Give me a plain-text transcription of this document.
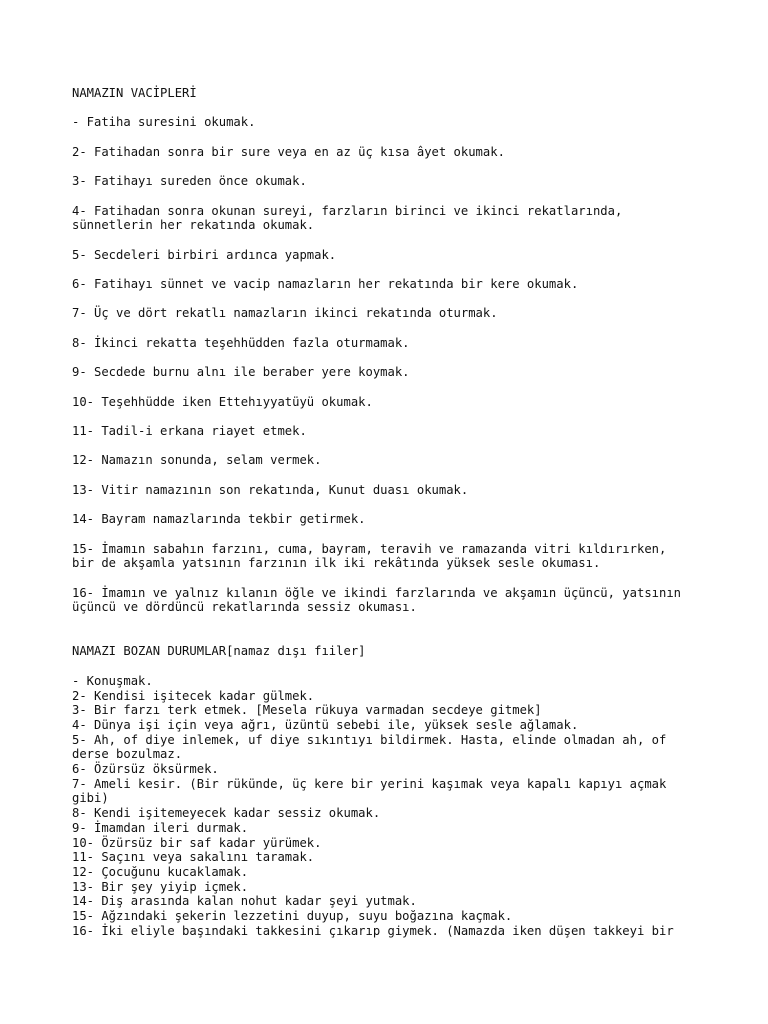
NAMAZIN VACİPLERİ
- Fatiha suresini okumak.
2- Fatihadan sonra bir sure veya en az üç kısa âyet okumak.
3- Fatihayı sureden önce okumak.
4- Fatihadan sonra okunan sureyi, farzların birinci ve ikinci rekatlarında,
sünnetlerin her rekatında okumak.
5- Secdeleri birbiri ardınca yapmak.
6- Fatihayı sünnet ve vacip namazların her rekatında bir kere okumak.
7- Üç ve dört rekatlı namazların ikinci rekatında oturmak.
8- İkinci rekatta teşehhüdden fazla oturmamak.
9- Secdede burnu alnı ile beraber yere koymak.
10- Teşehhüdde iken Ettehıyyatüyü okumak.
11- Tadil-i erkana riayet etmek.
12- Namazın sonunda, selam vermek.
13- Vitir namazının son rekatında, Kunut duası okumak.
14- Bayram namazlarında tekbir getirmek.
15- İmamın sabahın farzını, cuma, bayram, teravih ve ramazanda vitri kıldırırken,
bir de akşamla yatsının farzının ilk iki rekâtında yüksek sesle okuması.
16- İmamın ve yalnız kılanın öğle ve ikindi farzlarında ve akşamın üçüncü, yatsının
üçüncü ve dördüncü rekatlarında sessiz okuması.
NAMAZI BOZAN DURUMLAR[namaz dışı fıiler]
- Konuşmak.
2- Kendisi işitecek kadar gülmek.
3- Bir farzı terk etmek. [Mesela rükuya varmadan secdeye gitmek]
4- Dünya işi için veya ağrı, üzüntü sebebi ile, yüksek sesle ağlamak.
5- Ah, of diye inlemek, uf diye sıkıntıyı bildirmek. Hasta, elinde olmadan ah, of
derse bozulmaz.
6- Özürsüz öksürmek.
7- Ameli kesir. (Bir rükünde, üç kere bir yerini kaşımak veya kapalı kapıyı açmak
gibi)
8- Kendi işitemeyecek kadar sessiz okumak.
9- İmamdan ileri durmak.
10- Özürsüz bir saf kadar yürümek.
11- Saçını veya sakalını taramak.
12- Çocuğunu kucaklamak.
13- Bir şey yiyip içmek.
14- Diş arasında kalan nohut kadar şeyi yutmak.
15- Ağzındaki şekerin lezzetini duyup, suyu boğazına kaçmak.
16- İki eliyle başındaki takkesini çıkarıp giymek. (Namazda iken düşen takkeyi bir
